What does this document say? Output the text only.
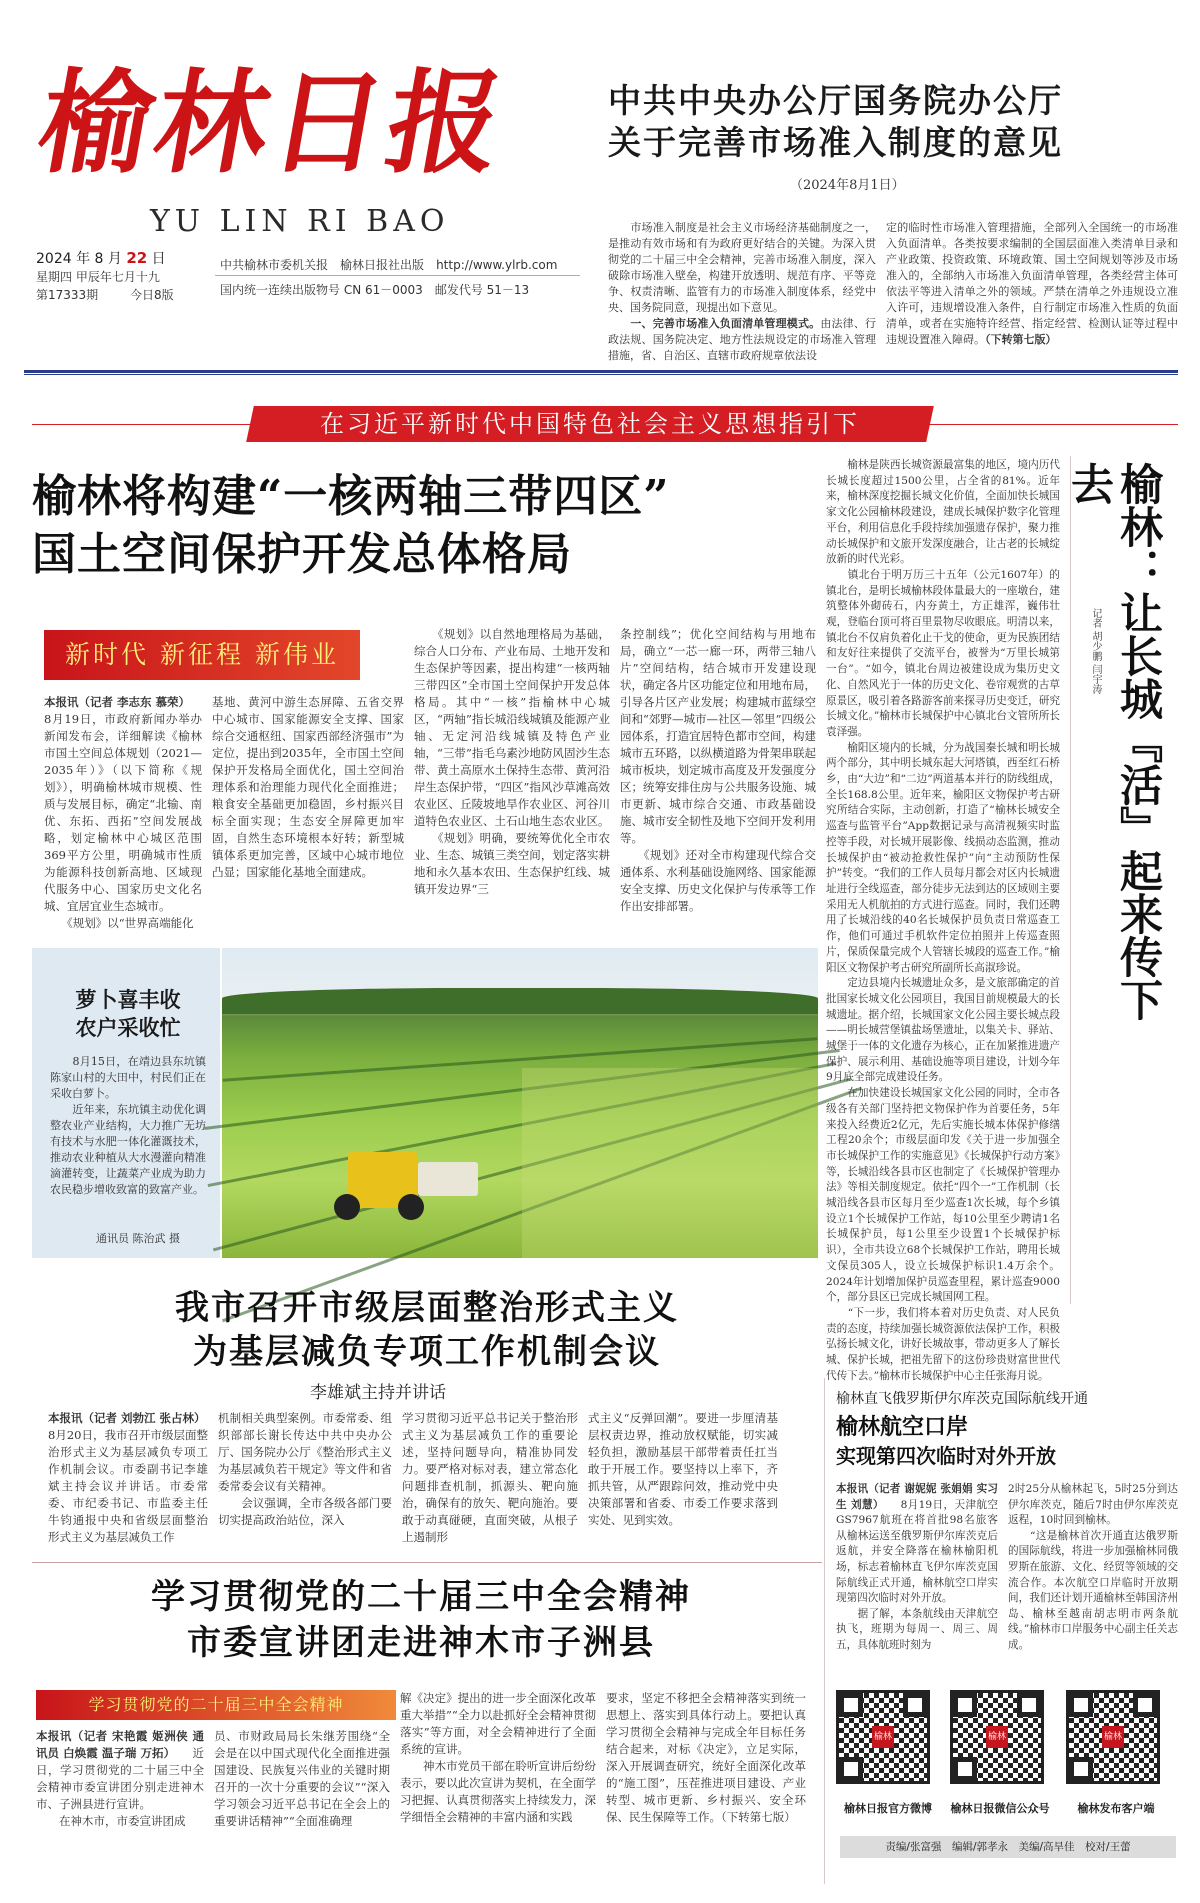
榆林日报
YU LIN RI BAO
2024 年 8 月 22 日
星期四 甲辰年七月十九
第17333期	今日8版
中共榆林市委机关报　 榆林日报社出版　 http://www.ylrb.com
国内统一连续出版物号 CN 61－0003　 邮发代号 51－13
中共中央办公厅国务院办公厅
关于完善市场准入制度的意见
（2024年8月1日）
　　市场准入制度是社会主义市场经济基础制度之一，是推动有效市场和有为政府更好结合的关键。为深入贯彻党的二十届三中全会精神，完善市场准入制度，深入破除市场准入壁垒，构建开放透明、规范有序、平等竞争、权责清晰、监管有力的市场准入制度体系，经党中央、国务院同意，现提出如下意见。
　　一、完善市场准入负面清单管理模式。由法律、行政法规、国务院决定、地方性法规设定的市场准入管理措施，省、自治区、直辖市政府规章依法设
定的临时性市场准入管理措施，全部列入全国统一的市场准入负面清单。各类按要求编制的全国层面准入类清单目录和产业政策、投资政策、环境政策、国土空间规划等涉及市场准入的，全部纳入市场准入负面清单管理，各类经营主体可依法平等进入清单之外的领域。严禁在清单之外违规设立准入许可，违规增设准入条件，自行制定市场准入性质的负面清单，或者在实施特许经营、指定经营、检测认证等过程中违规设置准入障碍。（下转第七版）
在习近平新时代中国特色社会主义思想指引下
榆林将构建“一核两轴三带四区”
国土空间保护开发总体格局
新时代 新征程 新伟业
本报讯（记者 李志东 慕荣）　　8月19日，市政府新闻办举办新闻发布会，详细解读《榆林市国土空间总体规划（2021—2035年）》（以下简称《规划》），明确榆林城市规模、性质与发展目标，确定“北输、南优、东拓、西拓”空间发展战略，划定榆林中心城区范围369平方公里，明确城市性质为能源科技创新高地、区域现代服务中心、国家历史文化名城、宜居宜业生态城市。
　　《规划》以“世界高端能化
基地、黄河中游生态屏障、五省交界中心城市、国家能源安全支撑、国家综合交通枢纽、国家西部经济强市”为定位，提出到2035年，全市国土空间保护开发格局全面优化，国土空间治理体系和治理能力现代化全面推进；粮食安全基础更加稳固，乡村振兴目标全面实现；生态安全屏障更加牢固，自然生态环境根本好转；新型城镇体系更加完善，区域中心城市地位凸显；国家能化基地全面建成。
　　《规划》以自然地理格局为基础，综合人口分布、产业布局、土地开发和生态保护等因素，提出构建“一核两轴三带四区”全市国土空间保护开发总体格局。其中“一核”指榆林中心城区，“两轴”指长城沿线城镇及能源产业轴、无定河沿线城镇及特色产业轴，“三带”指毛乌素沙地防风固沙生态带、黄土高原水土保持生态带、黄河沿岸生态保护带，“四区”指风沙草滩高效农业区、丘陵坡地旱作农业区、河谷川道特色农业区、土石山地生态农业区。
　　《规划》明确，要统筹优化全市农业、生态、城镇三类空间，划定落实耕地和永久基本农田、生态保护红线、城镇开发边界“三
条控制线”；优化空间结构与用地布局，确立“一芯一廊一环，两带三轴八片”空间结构，结合城市开发建设现状，确定各片区功能定位和用地布局，引导各片区产业发展；构建城市蓝绿空间和“郊野—城市—社区—邻里”四级公园体系，打造宜居特色都市空间，构建城市五环路，以纵横道路为骨架串联起城市板块，划定城市高度及开发强度分区；统筹安排住房与公共服务设施、城市更新、城市综合交通、市政基础设施、城市安全韧性及地下空间开发利用等。
　　《规划》还对全市构建现代综合交通体系、水利基础设施网络、国家能源安全支撑、历史文化保护与传承等工作作出安排部署。
萝卜喜丰收
农户采收忙
　　8月15日，在靖边县东坑镇陈家山村的大田中，村民们正在采收白萝卜。
　　近年来，东坑镇主动优化调整农业产业结构，大力推广无坊有技术与水肥一体化灌溉技术，推动农业种植从大水漫灌向精准滴灌转变，让蔬菜产业成为助力农民稳步增收致富的致富产业。
通讯员 陈治武 摄
　　榆林是陕西长城资源最富集的地区，境内历代长城长度超过1500公里，占全省的81%。近年来，榆林深度挖掘长城文化价值，全面加快长城国家文化公园榆林段建设，建成长城保护数字化管理平台，利用信息化手段持续加强遗存保护，聚力推动长城保护和文旅开发深度融合，让古老的长城绽放新的时代光彩。
　　镇北台于明万历三十五年（公元1607年）的镇北台，是明长城榆林段体量最大的一座墩台，建筑整体外砌砖石，内夯黄土，方正雄浑，巍伟壮观，登临台顶可将百里景物尽收眼底。明清以来，镇北台不仅肩负着化止干戈的使命，更为民族团结和友好往来提供了交流平台，被誉为“万里长城第一台”。“如今，镇北台周边被建设成为集历史文化、自然风光于一体的历史文化、卷帘观赏的古草原景区，吸引着各路游客前来探寻历史变迁，研究长城文化。”榆林市长城保护中心镇北台文管所所长袁泽强。
　　榆阳区境内的长城，分为战国秦长城和明长城两个部分，其中明长城东起大河塔镇，西至红石桥乡，由“大边”和“二边”两道基本并行的防线组成，全长168.8公里。近年来，榆阳区文物保护考古研究所结合实际，主动创新，打造了“榆林长城安全巡查与监管平台”App数据记录与高清视频实时监控等手段，对长城开展影像、线损动态监测，推动长城保护由“被动抢救性保护”向“主动预防性保护”转变。“我们的工作人员每月都会对区内长城遗址进行全线巡查，部分徒步无法到达的区域则主要采用无人机航拍的方式进行巡查。同时，我们还聘用了长城沿线的40名长城保护员负责日常巡查工作，他们可通过手机软件定位拍照并上传巡查照片，保质保量完成个人管辖长城段的巡查工作。”榆阳区文物保护考古研究所副所长高淑珍说。
　　定边县境内长城遗址众多，是文旅部确定的首批国家长城文化公园项目，我国目前规模最大的长城遗址。据介绍，长城国家文化公园主要长城点段——明长城营堡镇盐场堡遗址，以集关卡、驿站、城堡于一体的文化遗存为核心，正在加紧推进遗产保护、展示利用、基础设施等项目建设，计划今年9月底全部完成建设任务。
　　在加快建设长城国家文化公园的同时，全市各级各有关部门坚持把文物保护作为首要任务，5年来投入经费近2亿元，先后实施长城本体保护修缮工程20余个；市级层面印发《关于进一步加强全市长城保护工作的实施意见》《长城保护行动方案》等，长城沿线各县市区也制定了《长城保护管理办法》等相关制度规定。依托“四个一”工作机制（长城沿线各县市区每月至少巡查1次长城，每个乡镇设立1个长城保护工作站，每10公里至少聘请1名长城保护员，每1公里至少设置1个长城保护标识），全市共设立68个长城保护工作站，聘用长城文保员305人，设立长城保护标识1.4万余个。2024年计划增加保护员巡查里程，累计巡查9000个，部分县区已完成长城国网工程。
　　“下一步，我们将本着对历史负责、对人民负责的态度，持续加强长城资源依法保护工作，积极弘扬长城文化，讲好长城故事，带动更多人了解长城、保护长城，把祖先留下的这份珍贵财富世世代代传下去。”榆林市长城保护中心主任张海月说。
榆林：让长城『活』起来传下去
记者 胡少鹏 闫宇涛
我市召开市级层面整治形式主义
为基层减负专项工作机制会议
李雄斌主持并讲话
本报讯（记者 刘勃江 张占林）　　8月20日，我市召开市级层面整治形式主义为基层减负专项工作机制会议。市委副书记李雄斌主持会议并讲话。市委常委、市纪委书记、市监委主任牛钧通报中央和省级层面整治形式主义为基层减负工作
机制相关典型案例。市委常委、组织部部长谢长传达中共中央办公厅、国务院办公厅《整治形式主义为基层减负若干规定》等文件和省委常委会议有关精神。
　　会议强调，全市各级各部门要切实提高政治站位，深入
学习贯彻习近平总书记关于整治形式主义为基层减负工作的重要论述，坚持问题导向，精准协同发力。要严格对标对表，建立常态化问题排查机制，抓源头、靶向施治，确保有的放矢、靶向施治。要敢于动真碰硬，直面突破，从根子上遏制形
式主义“反弹回潮”。要进一步厘清基层权责边界，推动放权赋能，切实减轻负担，激励基层干部带着责任扛当敢于开展工作。要坚持以上率下，齐抓共管，从严跟踪问效，推动党中央决策部署和省委、市委工作要求落到实处、见到实效。
学习贯彻党的二十届三中全会精神
市委宣讲团走进神木市子洲县
学习贯彻党的二十届三中全会精神
本报讯（记者 宋艳霞 姬洲侠 通讯员 白焕霞 温子瑞 万拓）　　近日，学习贯彻党的二十届三中全会精神市委宣讲团分别走进神木市、子洲县进行宣讲。
　　在神木市，市委宣讲团成
员、市财政局局长朱继芳围绕“全会是在以中国式现代化全面推进强国建设、民族复兴伟业的关键时期召开的一次十分重要的会议”“深入学习领会习近平总书记在全会上的重要讲话精神”“全面准确理
解《决定》提出的进一步全面深化改革重大举措”“全力以赴抓好全会精神贯彻落实”等方面，对全会精神进行了全面系统的宣讲。
　　神木市党员干部在聆听宣讲后纷纷表示，要以此次宣讲为契机，在全面学习把握、认真贯彻落实上持续发力，深学细悟全会精神的丰富内涵和实践
要求，坚定不移把全会精神落实到统一思想上、落实到具体行动上。要把认真学习贯彻全会精神与完成全年目标任务结合起来，对标《决定》，立足实际，深入开展调查研究，统好全面深化改革的“施工图”，压茬推进项目建设、产业转型、城市更新、乡村振兴、安全环保、民生保障等工作。（下转第七版）
榆林直飞俄罗斯伊尔库茨克国际航线开通
榆林航空口岸
实现第四次临时对外开放
本报讯（记者 谢妮妮 张娟娟 实习生 刘慧）　　8月19日，天津航空GS7967航班在将首批98名旅客从榆林运送至俄罗斯伊尔库茨克后返航，并安全降落在榆林榆阳机场，标志着榆林直飞伊尔库茨克国际航线正式开通，榆林航空口岸实现第四次临时对外开放。
　　据了解，本条航线由天津航空执飞，班期为每周一、周三、周五，具体航班时刻为
2时25分从榆林起飞，5时25分到达伊尔库茨克，随后7时由伊尔库茨克返程，10时回到榆林。
　　“这是榆林首次开通直达俄罗斯的国际航线，将进一步加强榆林同俄罗斯在旅游、文化、经贸等领域的交流合作。本次航空口岸临时开放期间，我们还计划开通榆林至韩国济州岛、榆林至越南胡志明市两条航线。”榆林市口岸服务中心副主任关志成。
榆林	榆林	榆林
榆林日报官方微博	榆林日报微信公众号	榆林发布客户端
责编/张富强　编辑/郭孝永　美编/高旱佳　校对/王蕾
